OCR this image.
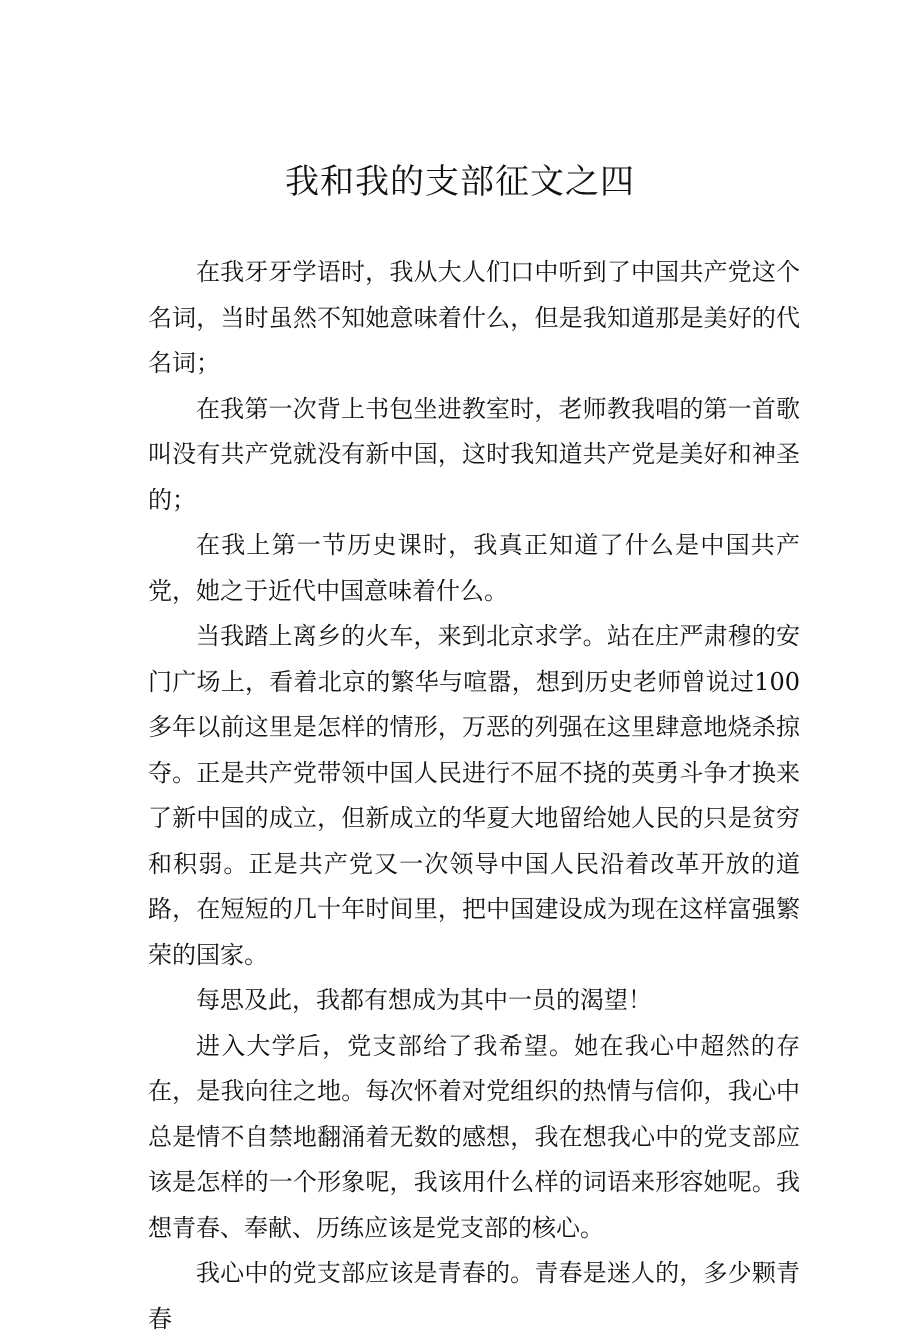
我和我的支部征文之四

在我牙牙学语时，我从大人们口中听到了中国共产党这个名词，当时虽然不知她意味着什么，但是我知道那是美好的代名词；

在我第一次背上书包坐进教室时，老师教我唱的第一首歌叫没有共产党就没有新中国，这时我知道共产党是美好和神圣的；

在我上第一节历史课时，我真正知道了什么是中国共产党，她之于近代中国意味着什么。

当我踏上离乡的火车，来到北京求学。站在庄严肃穆的安门广场上，看着北京的繁华与喧嚣，想到历史老师曾说过100多年以前这里是怎样的情形，万恶的列强在这里肆意地烧杀掠夺。正是共产党带领中国人民进行不屈不挠的英勇斗争才换来了新中国的成立，但新成立的华夏大地留给她人民的只是贫穷和积弱。正是共产党又一次领导中国人民沿着改革开放的道路，在短短的几十年时间里，把中国建设成为现在这样富强繁荣的国家。

每思及此，我都有想成为其中一员的渴望！

进入大学后，党支部给了我希望。她在我心中超然的存在，是我向往之地。每次怀着对党组织的热情与信仰，我心中总是情不自禁地翻涌着无数的感想，我在想我心中的党支部应该是怎样的一个形象呢，我该用什么样的词语来形容她呢。我想青春、奉献、历练应该是党支部的核心。

我心中的党支部应该是青春的。青春是迷人的，多少颗青春
